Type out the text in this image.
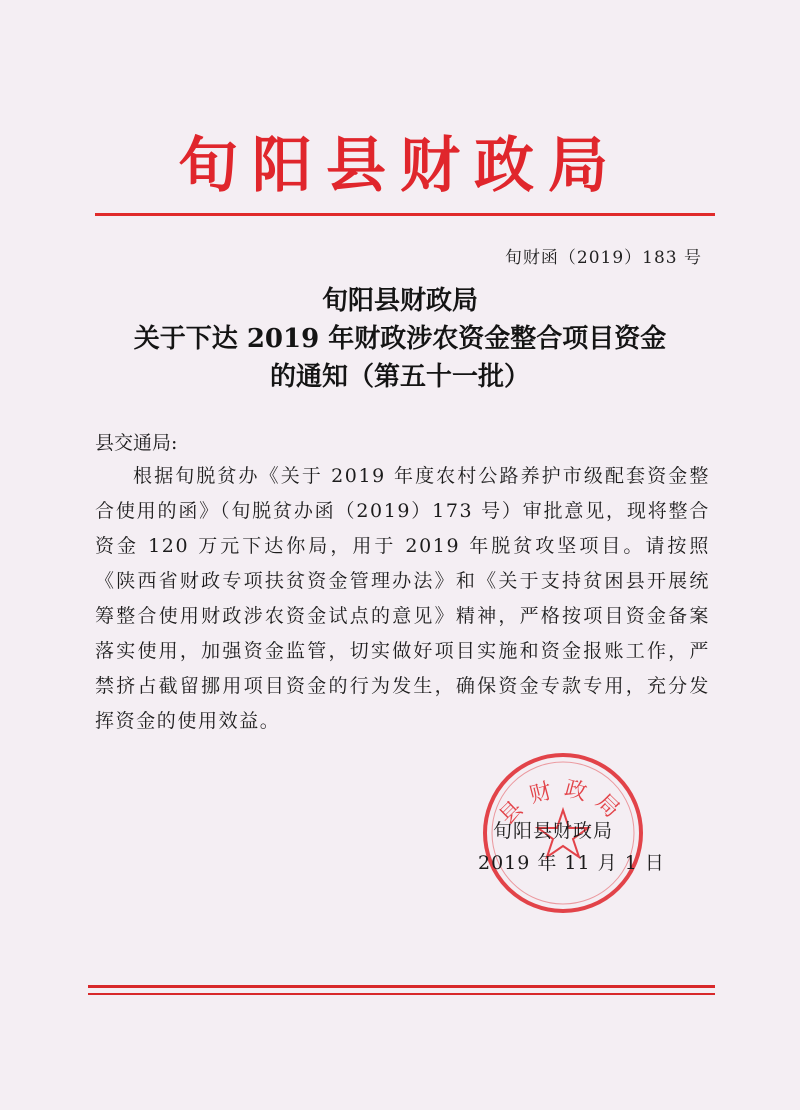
旬阳县财政局
旬财函（2019）183 号
旬阳县财政局
关于下达 2019 年财政涉农资金整合项目资金
的通知（第五十一批）
县交通局:
根据旬脱贫办《关于 2019 年度农村公路养护市级配套资金整合使用的函》（旬脱贫办函（2019）173 号）审批意见，现将整合资金 120 万元下达你局，用于 2019 年脱贫攻坚项目。请按照《陕西省财政专项扶贫资金管理办法》和《关于支持贫困县开展统筹整合使用财政涉农资金试点的意见》精神，严格按项目资金备案落实使用，加强资金监管，切实做好项目实施和资金报账工作，严禁挤占截留挪用项目资金的行为发生，确保资金专款专用，充分发挥资金的使用效益。
县财政局
旬阳县财政局
2019 年 11 月 1 日
